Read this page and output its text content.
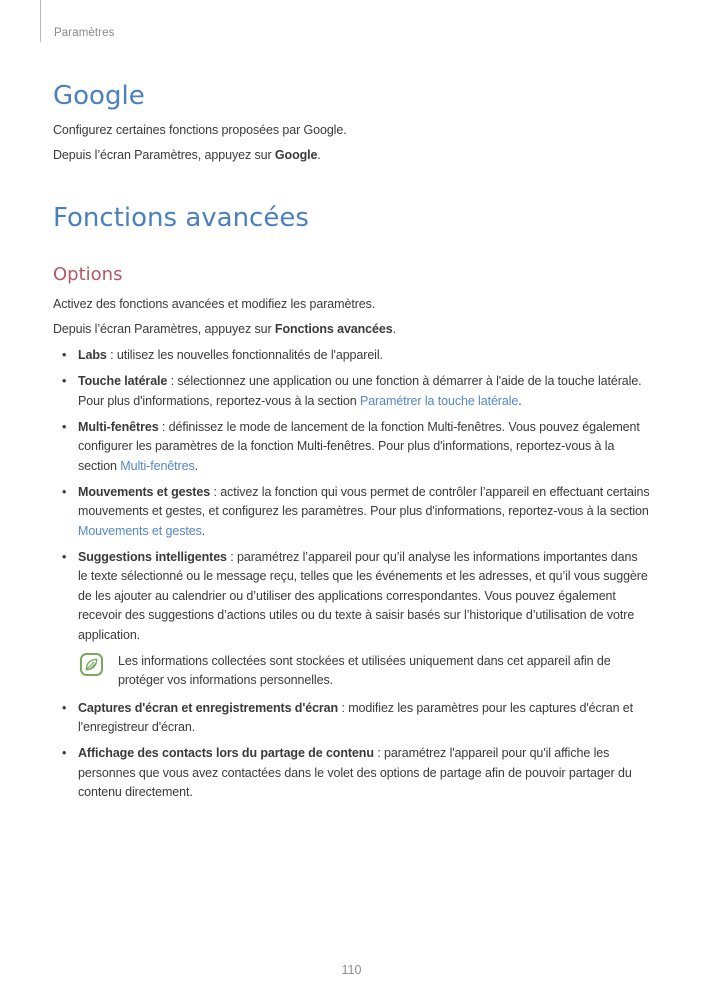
Paramètres
Google

Configurez certaines fonctions proposées par Google.

Depuis l’écran Paramètres, appuyez sur Google.

Fonctions avancées
Options

Activez des fonctions avancées et modifiez les paramètres.

Depuis l’écran Paramètres, appuyez sur Fonctions avancées.

• Labs : utilisez les nouvelles fonctionnalités de l'appareil.
• Touche latérale : sélectionnez une application ou une fonction à démarrer à l'aide de la touche latérale. Pour plus d'informations, reportez-vous à la section Paramétrer la touche latérale.
• Multi-fenêtres : définissez le mode de lancement de la fonction Multi-fenêtres. Vous pouvez également configurer les paramètres de la fonction Multi-fenêtres. Pour plus d'informations, reportez-vous à la section Multi-fenêtres.
• Mouvements et gestes : activez la fonction qui vous permet de contrôler l’appareil en effectuant certains mouvements et gestes, et configurez les paramètres. Pour plus d'informations, reportez-vous à la section Mouvements et gestes.
• Suggestions intelligentes : paramétrez l’appareil pour qu’il analyse les informations importantes dans le texte sélectionné ou le message reçu, telles que les événements et les adresses, et qu’il vous suggère de les ajouter au calendrier ou d’utiliser des applications correspondantes. Vous pouvez également recevoir des suggestions d’actions utiles ou du texte à saisir basés sur l’historique d’utilisation de votre application.

Les informations collectées sont stockées et utilisées uniquement dans cet appareil afin de protéger vos informations personnelles.

• Captures d'écran et enregistrements d'écran : modifiez les paramètres pour les captures d'écran et l'enregistreur d'écran.
• Affichage des contacts lors du partage de contenu : paramétrez l'appareil pour qu'il affiche les personnes que vous avez contactées dans le volet des options de partage afin de pouvoir partager du contenu directement.
110
